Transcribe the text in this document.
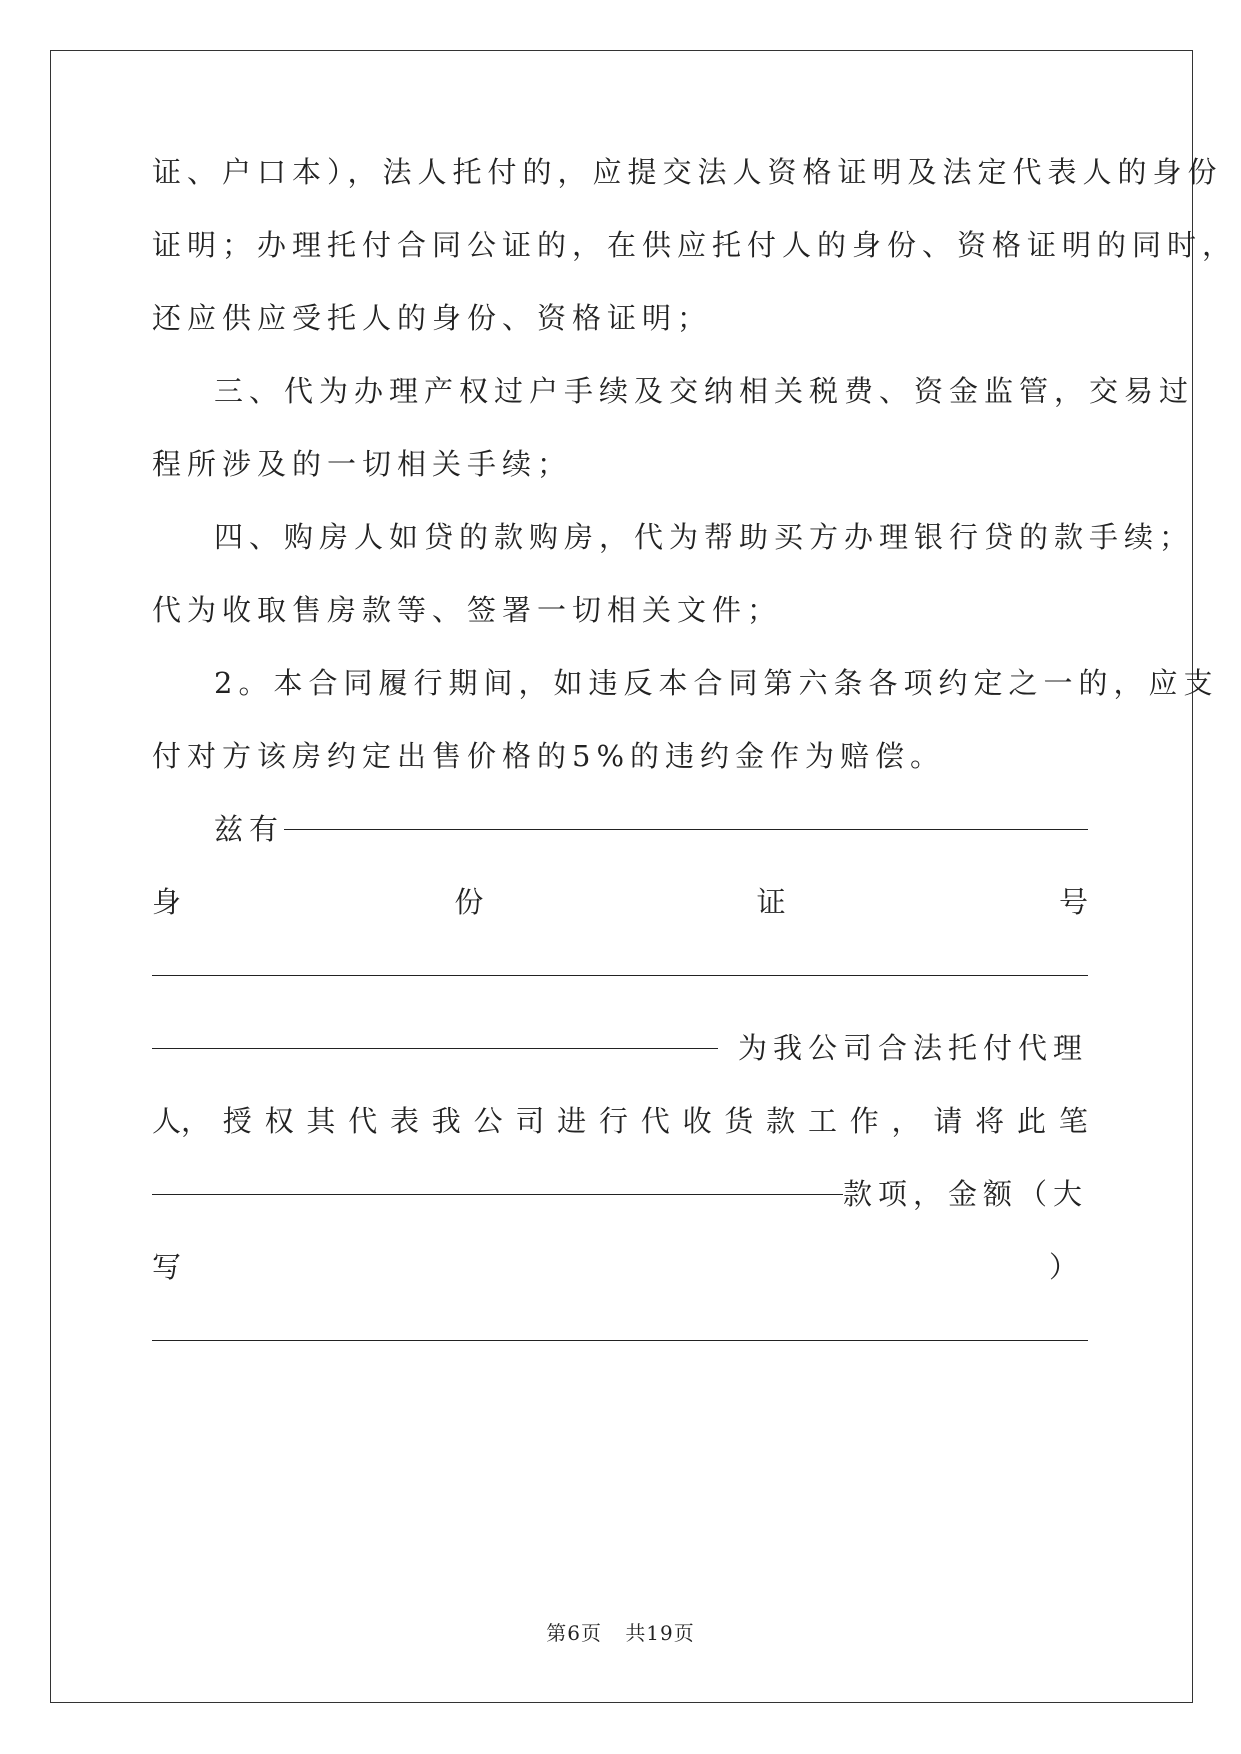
证、户口本），法人托付的，应提交法人资格证明及法定代表人的身份
证明；办理托付合同公证的，在供应托付人的身份、资格证明的同时，
还应供应受托人的身份、资格证明；
三、代为办理产权过户手续及交纳相关税费、资金监管，交易过
程所涉及的一切相关手续；
四、购房人如贷的款购房，代为帮助买方办理银行贷的款手续；
代为收取售房款等、签署一切相关文件；
2。本合同履行期间，如违反本合同第六条各项约定之一的，应支
付对方该房约定出售价格的5%的违约金作为赔偿。
兹有
身	份	证	号
为我公司合法托付代理
人， 授 权 其 代 表 我 公 司 进 行 代 收 货 款 工 作 ， 请 将 此 笔
款项，金额（大
写	）
第6页 共19页
